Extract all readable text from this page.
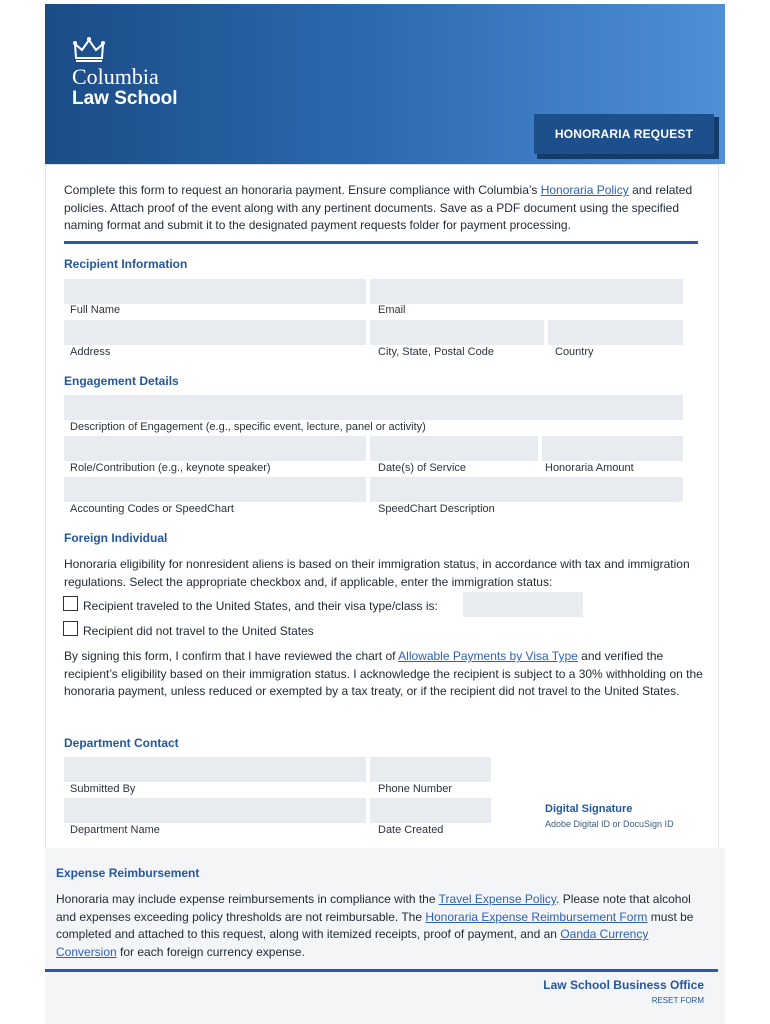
Columbia
Law School
HONORARIA REQUEST
Complete this form to request an honoraria payment. Ensure compliance with Columbia’s Honoraria Policy and related policies. Attach proof of the event along with any pertinent documents. Save as a PDF document using the specified naming format and submit it to the designated payment requests folder for payment processing.
Recipient Information
Full Name	Email
Address	City, State, Postal Code	Country
Engagement Details
Description of Engagement (e.g., specific event, lecture, panel or activity)
Role/Contribution (e.g., keynote speaker)	Date(s) of Service	Honoraria Amount
Accounting Codes or SpeedChart	SpeedChart Description
Foreign Individual
Honoraria eligibility for nonresident aliens is based on their immigration status, in accordance with tax and immigration regulations. Select the appropriate checkbox and, if applicable, enter the immigration status:
Recipient traveled to the United States, and their visa type/class is:
Recipient did not travel to the United States
By signing this form, I confirm that I have reviewed the chart of Allowable Payments by Visa Type and verified the recipient’s eligibility based on their immigration status. I acknowledge the recipient is subject to a 30% withholding on the honoraria payment, unless reduced or exempted by a tax treaty, or if the recipient did not travel to the United States.
Department Contact
Submitted By	Phone Number
Department Name	Date Created
Digital Signature
Adobe Digital ID or DocuSign ID
Expense Reimbursement
Honoraria may include expense reimbursements in compliance with the Travel Expense Policy. Please note that alcohol and expenses exceeding policy thresholds are not reimbursable. The Honoraria Expense Reimbursement Form must be completed and attached to this request, along with itemized receipts, proof of payment, and an Oanda Currency Conversion for each foreign currency expense.
Law School Business Office
RESET FORM
